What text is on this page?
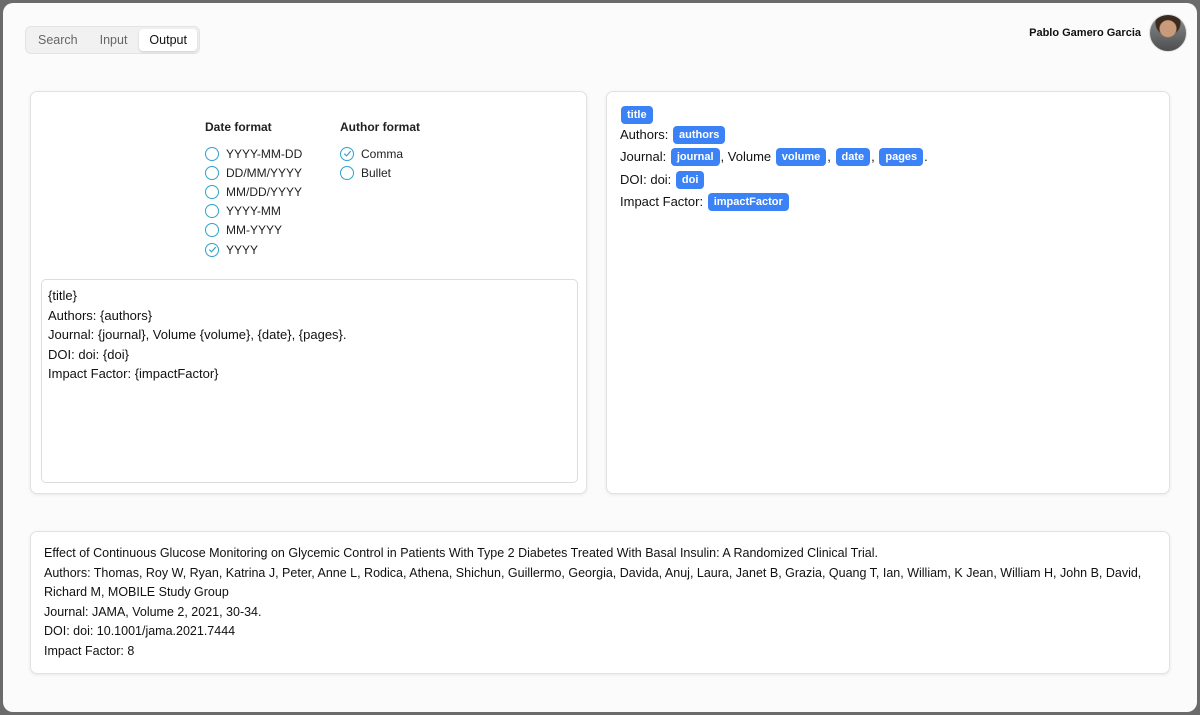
Search	Input	Output	Pablo Gamero Garcia
Date format
YYYY-MM-DD
DD/MM/YYYY
MM/DD/YYYY
YYYY-MM
MM-YYYY
YYYY
Author format
Comma
Bullet
{title} Authors: {authors} Journal: {journal}, Volume {volume}, {date}, {pages}. DOI: doi: {doi} Impact Factor: {impactFactor}
title
Authors: authors
Journal: journal , Volume volume , date , pages .
DOI: doi: doi
Impact Factor: impactFactor
Effect of Continuous Glucose Monitoring on Glycemic Control in Patients With Type 2 Diabetes Treated With Basal Insulin: A Randomized Clinical Trial.
Authors: Thomas, Roy W, Ryan, Katrina J, Peter, Anne L, Rodica, Athena, Shichun, Guillermo, Georgia, Davida, Anuj, Laura, Janet B, Grazia, Quang T, Ian, William, K Jean, William H, John B, David, Richard M, MOBILE Study Group
Journal: JAMA, Volume 2, 2021, 30-34.
DOI: doi: 10.1001/jama.2021.7444
Impact Factor: 8
